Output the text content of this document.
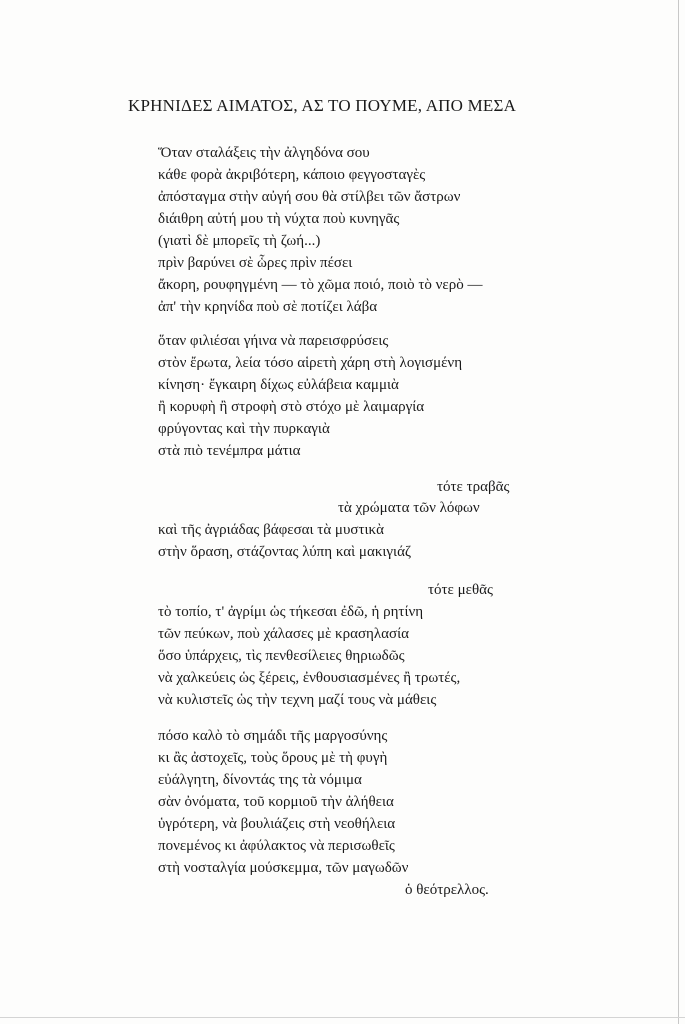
ΚΡΗΝΙΔΕΣ ΑΙΜΑΤΟΣ, ΑΣ ΤΟ ΠΟΥΜΕ, ΑΠΟ ΜΕΣΑ

Ὅταν σταλάξεις τὴν ἀλγηδόνα σου

κάθε φορὰ ἀκριβότερη, κάποιο φεγγοσταγὲς

ἀπόσταγμα στὴν αὐγή σου θὰ στίλβει τῶν ἄστρων

διάιθρη αὐτή μου τὴ νύχτα ποὺ κυνηγᾶς

(γιατὶ δὲ μπορεῖς τὴ ζωή...)

πρὶν βαρύνει σὲ ὧρες πρὶν πέσει

ἄκορη, ρουφηγμένη — τὸ χῶμα ποιό, ποιὸ τὸ νερὸ —

ἀπ' τὴν κρηνίδα ποὺ σὲ ποτίζει λάβα

ὅταν φιλιέσαι γήινα νὰ παρεισφρύσεις

στὸν ἔρωτα, λεία τόσο αἱρετὴ χάρη στὴ λογισμένη

κίνηση· ἔγκαιρη δίχως εὐλάβεια καμμιὰ

ἢ κορυφὴ ἢ στροφὴ στὸ στόχο μὲ λαιμαργία

φρύγοντας καὶ τὴν πυρκαγιὰ

στὰ πιὸ τενέμπρα μάτια

τότε τραβᾶς

τὰ χρώματα τῶν λόφων

καὶ τῆς ἀγριάδας βάφεσαι τὰ μυστικὰ

στὴν ὅραση, στάζοντας λύπη καὶ μακιγιάζ

τότε μεθᾶς

τὸ τοπίο, τ' ἀγρίμι ὡς τήκεσαι ἐδῶ, ἡ ρητίνη

τῶν πεύκων, ποὺ χάλασες μὲ κρασηλασία

ὅσο ὑπάρχεις, τὶς πενθεσίλειες θηριωδῶς

νὰ χαλκεύεις ὡς ξέρεις, ἐνθουσιασμένες ἢ τρωτές,

νὰ κυλιστεῖς ὡς τὴν τεχνη μαζί τους νὰ μάθεις

πόσο καλὸ τὸ σημάδι τῆς μαργοσύνης

κι ἂς ἀστοχεῖς, τοὺς ὅρους μὲ τὴ φυγὴ

εὐάλγητη, δίνοντάς της τὰ νόμιμα

σὰν ὀνόματα, τοῦ κορμιοῦ τὴν ἀλήθεια

ὑγρότερη, νὰ βουλιάζεις στὴ νεοθήλεια

πονεμένος κι ἀφύλακτος νὰ περισωθεῖς

στὴ νοσταλγία μούσκεμμα, τῶν μαγωδῶν

ὁ θεότρελλος.
